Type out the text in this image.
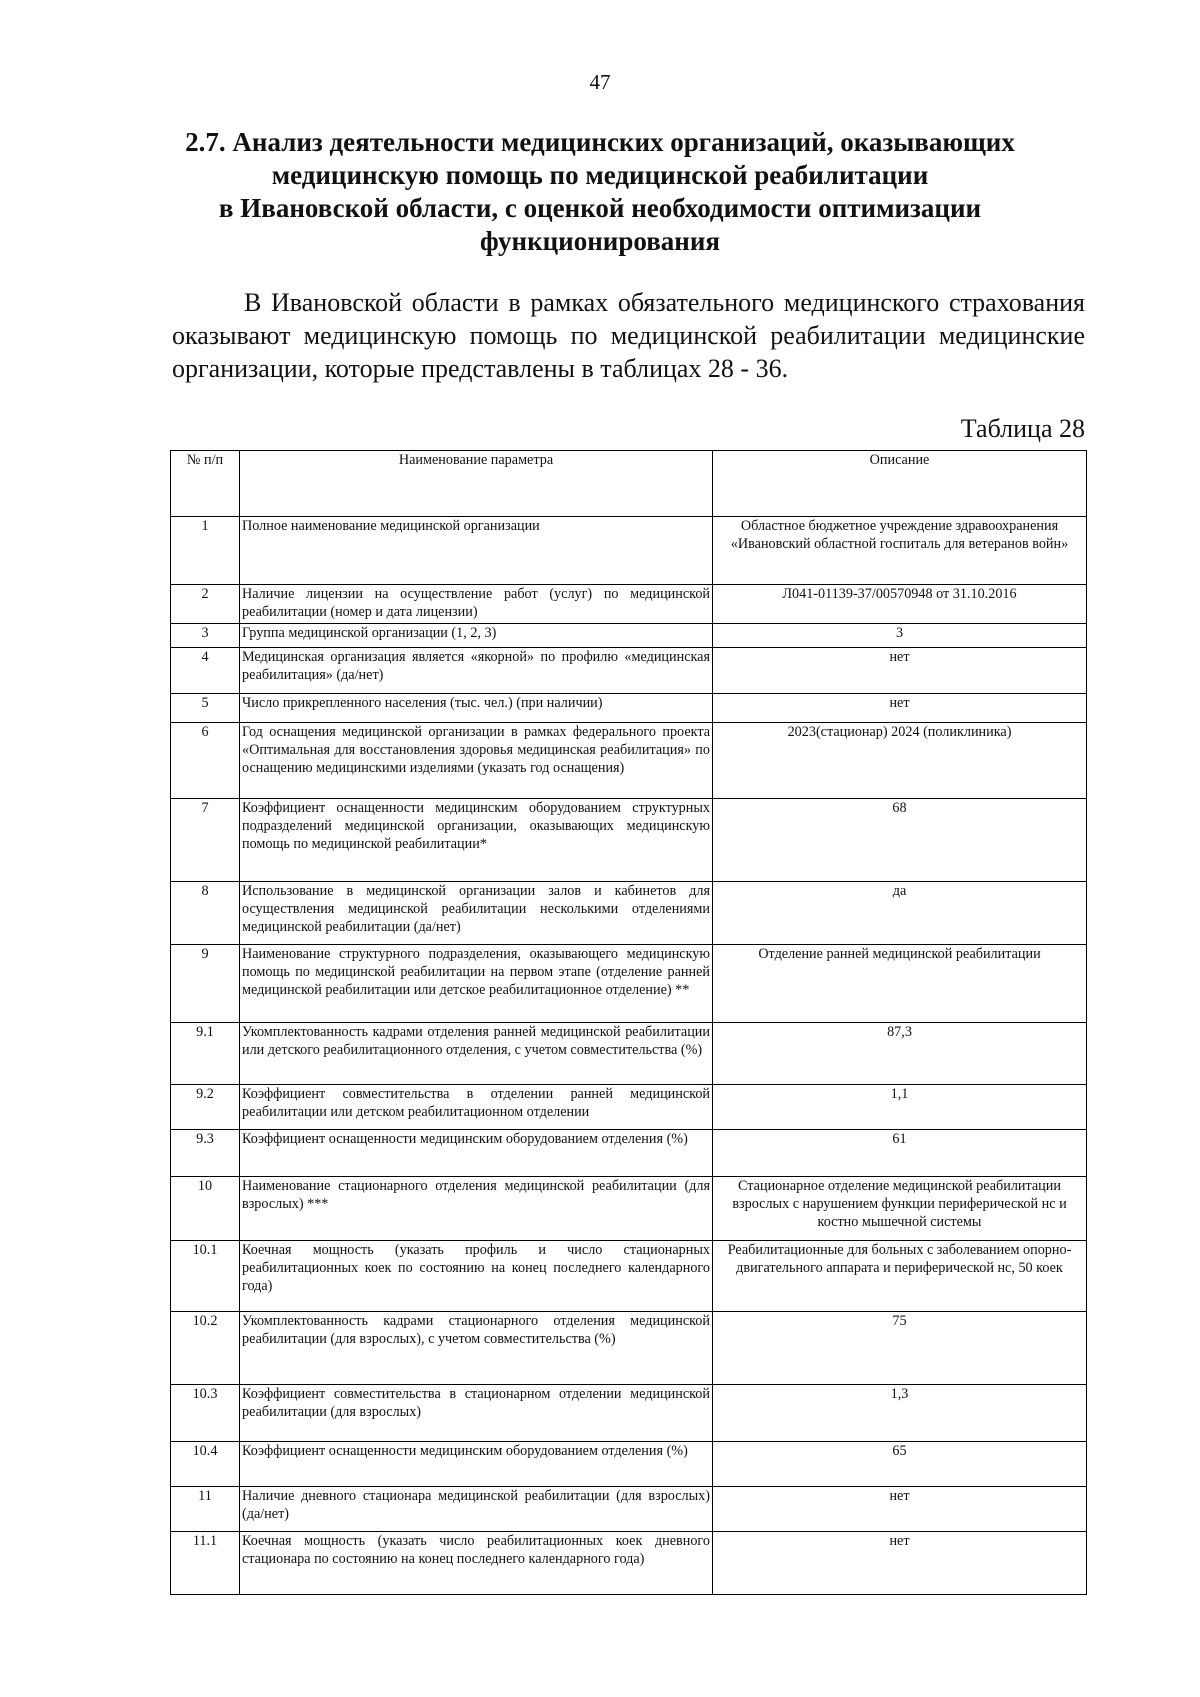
47
2.7. Анализ деятельности медицинских организаций, оказывающих
медицинскую помощь по медицинской реабилитации
в Ивановской области, с оценкой необходимости оптимизации
функционирования

В Ивановской области в рамках обязательного медицинского страхования оказывают медицинскую помощь по медицинской реабилитации медицинские организации, которые представлены в таблицах 28 - 36.

Таблица 28
№ п/п	Наименование параметра	Описание
1	Полное наименование медицинской организации	Областное бюджетное учреждение здравоохранения «Ивановский областной госпиталь для ветеранов войн»
2	Наличие лицензии на осуществление работ (услуг) по медицинской реабилитации (номер и дата лицензии)	Л041-01139-37/00570948 от 31.10.2016
3	Группа медицинской организации (1, 2, 3)	3
4	Медицинская организация является «якорной» по профилю «медицинская реабилитация» (да/нет)	нет
5	Число прикрепленного населения (тыс. чел.) (при наличии)	нет
6	Год оснащения медицинской организации в рамках федерального проекта «Оптимальная для восстановления здоровья медицинская реабилитация» по оснащению медицинскими изделиями (указать год оснащения)	2023(стационар) 2024 (поликлиника)
7	Коэффициент оснащенности медицинским оборудованием структурных подразделений медицинской организации, оказывающих медицинскую помощь по медицинской реабилитации*	68
8	Использование в медицинской организации залов и кабинетов для осуществления медицинской реабилитации несколькими отделениями медицинской реабилитации (да/нет)	да
9	Наименование структурного подразделения, оказывающего медицинскую помощь по медицинской реабилитации на первом этапе (отделение ранней медицинской реабилитации или детское реабилитационное отделение) **	Отделение ранней медицинской реабилитации
9.1	Укомплектованность кадрами отделения ранней медицинской реабилитации или детского реабилитационного отделения, с учетом совместительства (%)	87,3
9.2	Коэффициент совместительства в отделении ранней медицинской реабилитации или детском реабилитационном отделении	1,1
9.3	Коэффициент оснащенности медицинским оборудованием отделения (%)	61
10	Наименование стационарного отделения медицинской реабилитации (для взрослых) ***	Стационарное отделение медицинской реабилитации взрослых с нарушением функции периферической нс и костно мышечной системы
10.1	Коечная мощность (указать профиль и число стационарных реабилитационных коек по состоянию на конец последнего календарного года)	Реабилитационные для больных с заболеванием опорно-двигательного аппарата и периферической нс, 50 коек
10.2	Укомплектованность кадрами стационарного отделения медицинской реабилитации (для взрослых), с учетом совместительства (%)	75
10.3	Коэффициент совместительства в стационарном отделении медицинской реабилитации (для взрослых)	1,3
10.4	Коэффициент оснащенности медицинским оборудованием отделения (%)	65
11	Наличие дневного стационара медицинской реабилитации (для взрослых) (да/нет)	нет
11.1	Коечная мощность (указать число реабилитационных коек дневного стационара по состоянию на конец последнего календарного года)	нет
